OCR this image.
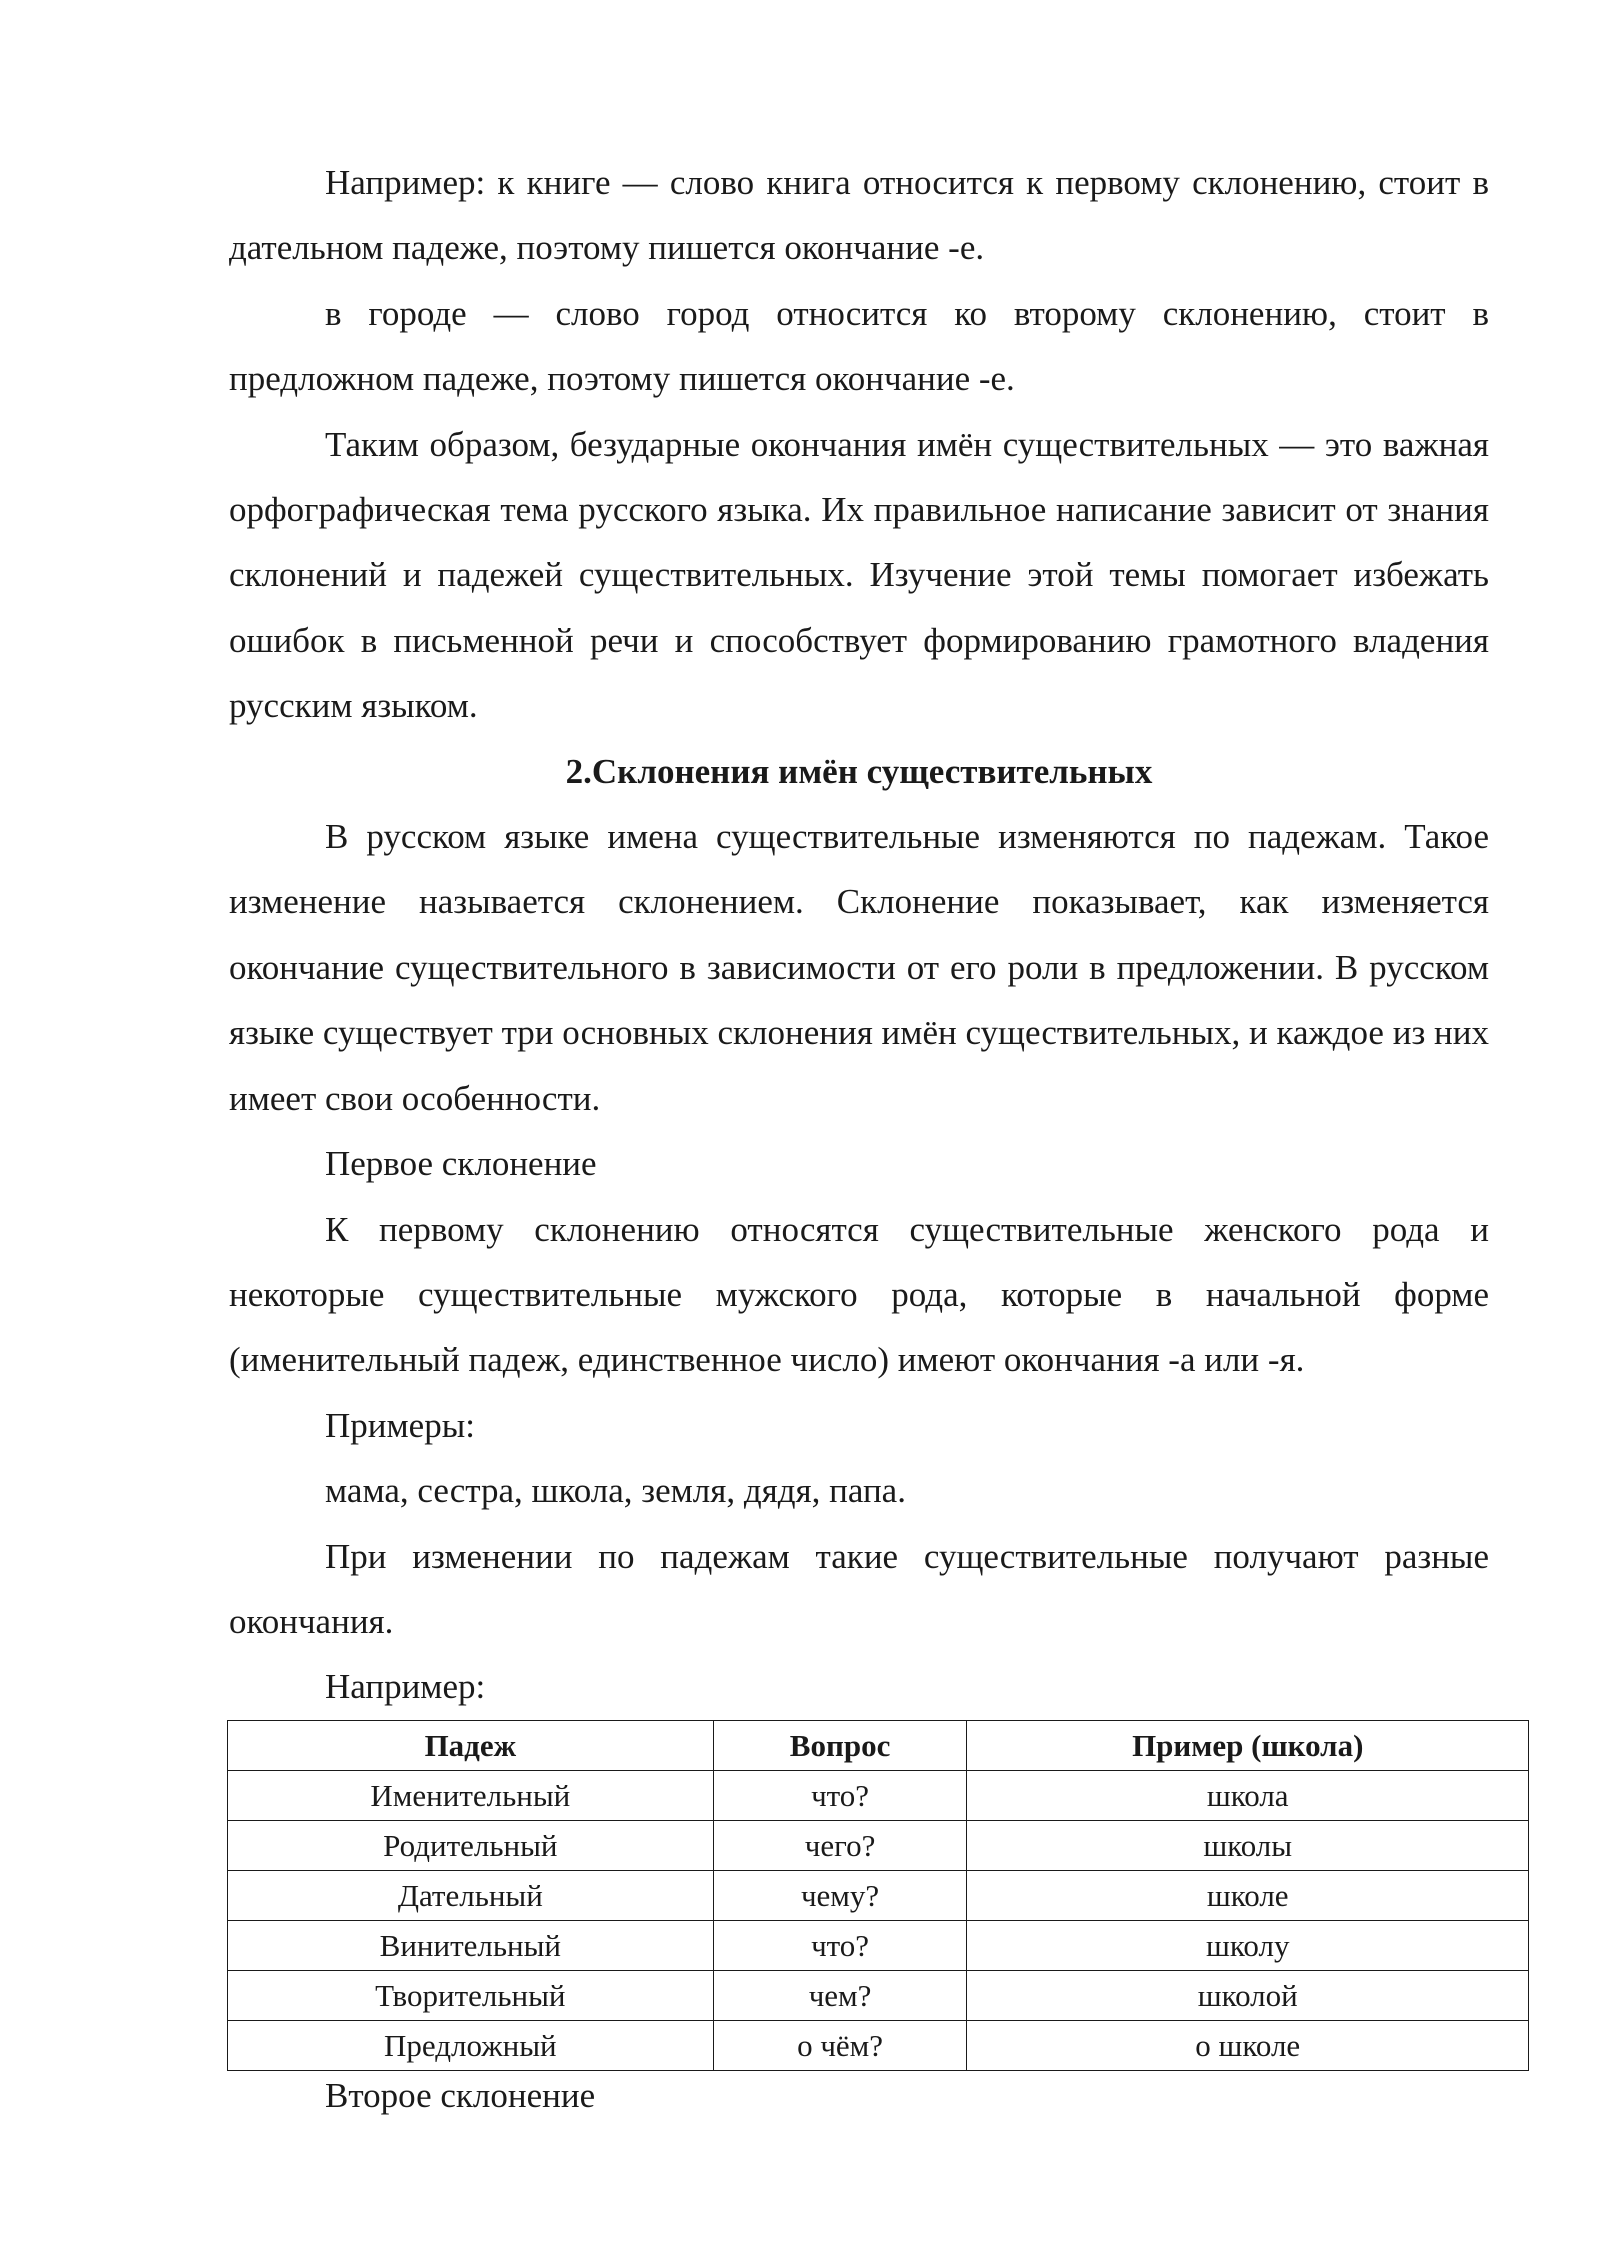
Например: к книге — слово книга относится к первому склонению, стоит в дательном падеже, поэтому пишется окончание -е.

в городе — слово город относится ко второму склонению, стоит в предложном падеже, поэтому пишется окончание -е.

Таким образом, безударные окончания имён существительных — это важная орфографическая тема русского языка. Их правильное написание зависит от знания склонений и падежей существительных. Изучение этой темы помогает избежать ошибок в письменной речи и способствует формированию грамотного владения русским языком.

2.Склонения имён существительных

В русском языке имена существительные изменяются по падежам. Такое изменение называется склонением. Склонение показывает, как изменяется окончание существительного в зависимости от его роли в предложении. В русском языке существует три основных склонения имён существительных, и каждое из них имеет свои особенности.

Первое склонение

К первому склонению относятся существительные женского рода и некоторые существительные мужского рода, которые в начальной форме (именительный падеж, единственное число) имеют окончания -а или -я.

Примеры:

мама, сестра, школа, земля, дядя, папа.

При изменении по падежам такие существительные получают разные окончания.

Например:

Падеж	Вопрос	Пример (школа)
Именительный	что?	школа
Родительный	чего?	школы
Дательный	чему?	школе
Винительный	что?	школу
Творительный	чем?	школой
Предложный	о чём?	о школе

Второе склонение
